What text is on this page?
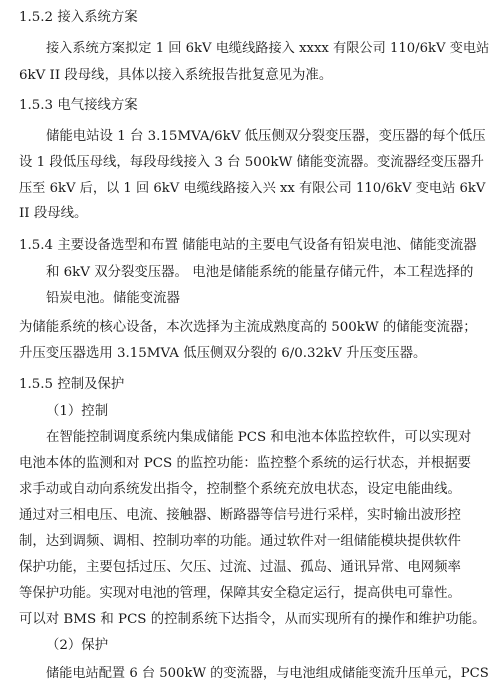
1.5.2 接入系统方案
接入系统方案拟定 1 回 6kV 电缆线路接入 xxxx 有限公司 110/6kV 变电站
6kV II 段母线，具体以接入系统报告批复意见为准。
1.5.3 电气接线方案
储能电站设 1 台 3.15MVA/6kV 低压侧双分裂变压器，变压器的每个低压
设 1 段低压母线，每段母线接入 3 台 500kW 储能变流器。变流器经变压器升
压至 6kV 后，以 1 回 6kV 电缆线路接入兴 xx 有限公司 110/6kV 变电站 6kV
II 段母线。
1.5.4 主要设备选型和布置 储能电站的主要电气设备有铅炭电池、储能变流器
和 6kV 双分裂变压器。 电池是储能系统的能量存储元件，本工程选择的
铅炭电池。储能变流器
为储能系统的核心设备，本次选择为主流成熟度高的 500kW 的储能变流器；
升压变压器选用 3.15MVA 低压侧双分裂的 6/0.32kV 升压变压器。
1.5.5 控制及保护
（1）控制
在智能控制调度系统内集成储能 PCS 和电池本体监控软件，可以实现对
电池本体的监测和对 PCS 的监控功能：监控整个系统的运行状态，并根据要
求手动或自动向系统发出指令，控制整个系统充放电状态，设定电能曲线。
通过对三相电压、电流、接触器、断路器等信号进行采样，实时输出波形控
制，达到调频、调相、控制功率的功能。通过软件对一组储能模块提供软件
保护功能，主要包括过压、欠压、过流、过温、孤岛、通讯异常、电网频率
等保护功能。实现对电池的管理，保障其安全稳定运行，提高供电可靠性。
可以对 BMS 和 PCS 的控制系统下达指令，从而实现所有的操作和维护功能。
（2）保护
储能电站配置 6 台 500kW 的变流器，与电池组成储能变流升压单元，PCS
